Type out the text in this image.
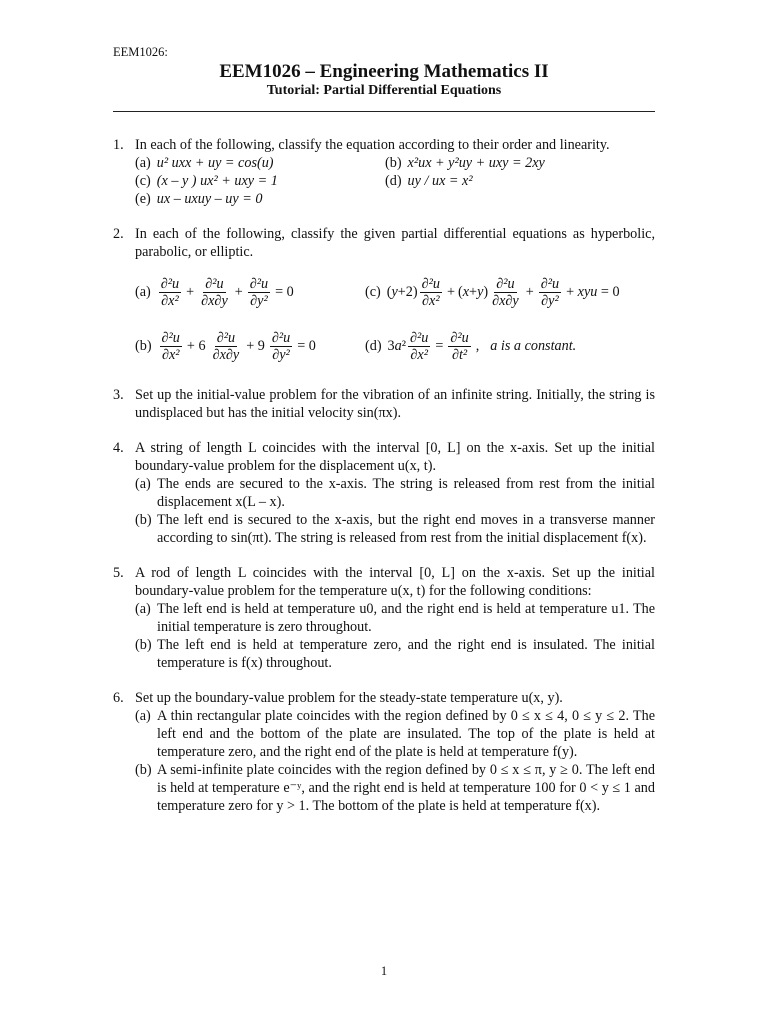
EEM1026:
EEM1026 – Engineering Mathematics II
Tutorial: Partial Differential Equations
1. In each of the following, classify the equation according to their order and linearity.
(a) u² uxx + uy = cos(u)	(b) x²ux + y²uy + uxy = 2xy
(c) (x – y ) ux² + uxy = 1	(d) uy / ux = x²
(e) ux – uxuy – uy = 0
2. In each of the following, classify the given partial differential equations as hyperbolic, parabolic, or elliptic.
$(a) \frac{\text{∂²u}}{\text{∂x²}} + \frac{\text{∂²u}}{\partial x\partial y} + \frac{\text{∂²u}}{\text{∂y²}} = 0$	(c) $(y+2) \frac{\text{∂²u}}{\text{∂x²}} + (x+y) \frac{\text{∂²u}}{\partial x\partial y} + \frac{\text{∂²u}}{\text{∂y²}}$ + xyu = 0
$(b) \frac{\text{∂²u}}{\text{∂x²}} + 6 \frac{\text{∂²u}}{\partial x\partial y} + 9 \frac{\text{∂²u}}{\text{∂y²}} = 0$	(d) $3a^2 \frac{\text{∂²u}}{\text{∂x²}} = \frac{\text{∂²u}}{\text{∂t²}}$ , a is a constant.
3. Set up the initial-value problem for the vibration of an infinite string. Initially, the string is undisplaced but has the initial velocity sin(πx).
4. A string of length L coincides with the interval [0, L] on the x-axis. Set up the initial boundary-value problem for the displacement u(x, t).
(a) The ends are secured to the x-axis. The string is released from rest from the initial displacement x(L – x).
(b) The left end is secured to the x-axis, but the right end moves in a transverse manner according to sin(πt). The string is released from rest from the initial displacement f(x).
5. A rod of length L coincides with the interval [0, L] on the x-axis. Set up the initial boundary-value problem for the temperature u(x, t) for the following conditions:
(a) The left end is held at temperature u0, and the right end is held at temperature u1. The initial temperature is zero throughout.
(b) The left end is held at temperature zero, and the right end is insulated. The initial temperature is f(x) throughout.
6. Set up the boundary-value problem for the steady-state temperature u(x, y).
(a) A thin rectangular plate coincides with the region defined by 0 ≤ x ≤ 4, 0 ≤ y ≤ 2. The left end and the bottom of the plate are insulated. The top of the plate is held at temperature zero, and the right end of the plate is held at temperature f(y).
(b) A semi-infinite plate coincides with the region defined by 0 ≤ x ≤ π, y ≥ 0. The left end is held at temperature e⁻ʸ, and the right end is held at temperature 100 for 0 < y ≤ 1 and temperature zero for y > 1. The bottom of the plate is held at temperature f(x).
1
